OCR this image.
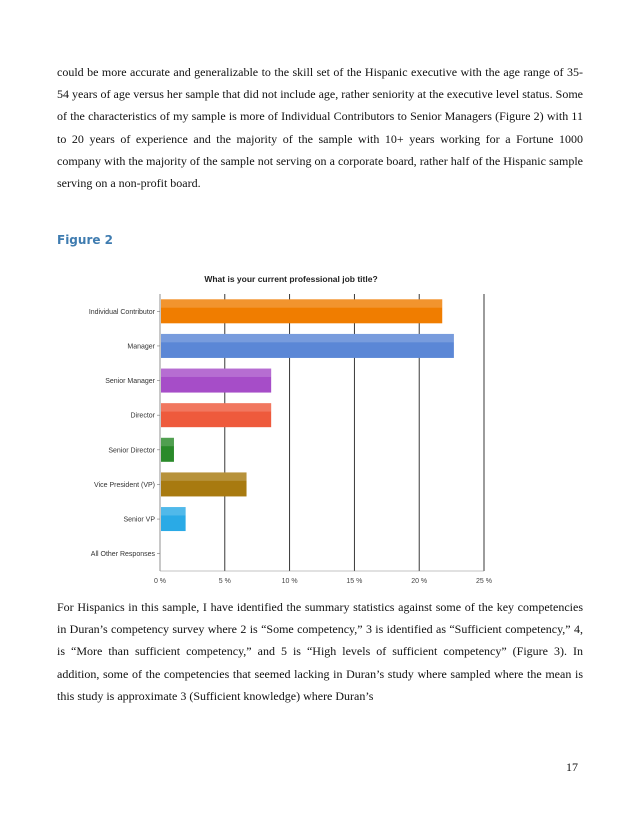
could be more accurate and generalizable to the skill set of the Hispanic executive with the age range of 35-54 years of age versus her sample that did not include age, rather seniority at the executive level status. Some of the characteristics of my sample is more of Individual Contributors to Senior Managers (Figure 2) with 11 to 20 years of experience and the majority of the sample with 10+ years working for a Fortune 1000 company with the majority of the sample not serving on a corporate board, rather half of the Hispanic sample serving on a non-profit board.

Figure 2

What is your current professional job title?
Individual Contributor
Manager
Senior Manager
Director
Senior Director
Vice President (VP)
Senior VP
All Other Responses
0 %	5 %	10 %	15 %	20 %	25 %

For Hispanics in this sample, I have identified the summary statistics against some of the key competencies in Duran’s competency survey where 2 is “Some competency,” 3 is identified as “Sufficient competency,” 4, is “More than sufficient competency,” and 5 is “High levels of sufficient competency” (Figure 3). In addition, some of the competencies that seemed lacking in Duran’s study where sampled where the mean is this study is approximate 3 (Sufficient knowledge) where Duran’s

17
